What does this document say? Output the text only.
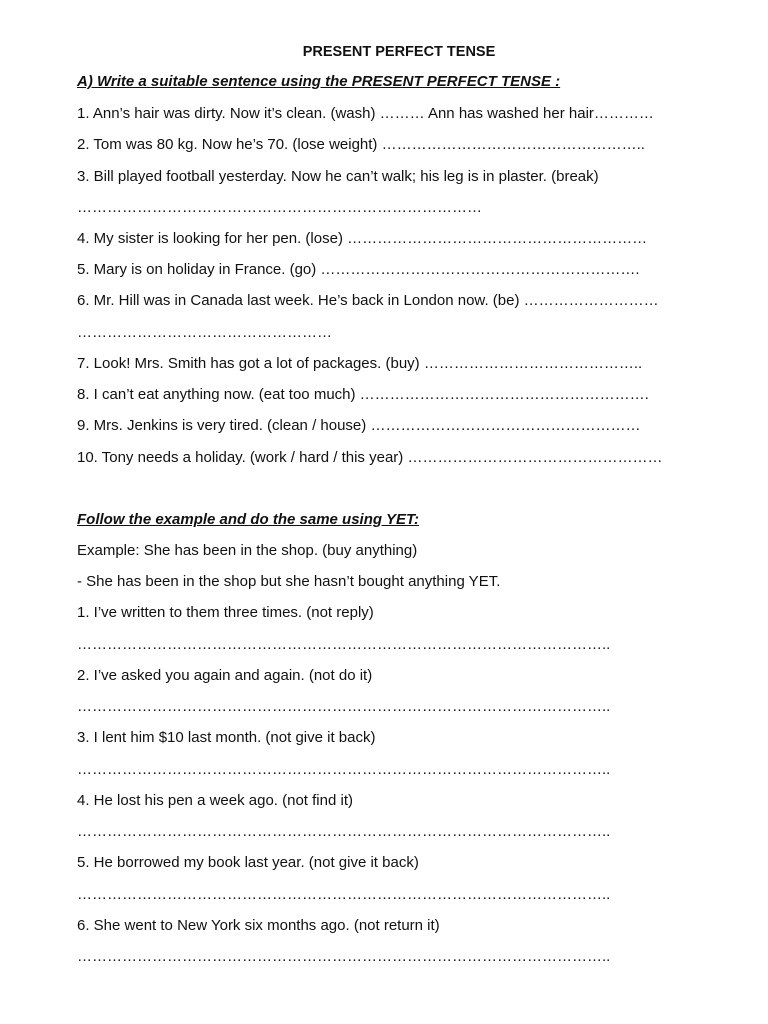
PRESENT PERFECT TENSE

A) Write a suitable sentence using the PRESENT PERFECT TENSE :

1. Ann’s hair was dirty. Now it’s clean. (wash) ……… Ann has washed her hair…………

2. Tom was 80 kg. Now he’s 70. (lose weight) ……………………………………………..

3. Bill played football yesterday. Now he can’t walk; his leg is in plaster. (break)

………………………………………………………………………

4. My sister is looking for her pen. (lose) ……………………………………………………

5. Mary is on holiday in France. (go) ……………………………………………………….

6. Mr. Hill was in Canada last week. He’s back in London now. (be) ………………………

……………………………………………

7. Look! Mrs. Smith has got a lot of packages. (buy) ……………………………………..

8. I can’t eat anything now. (eat too much) ………………………………………………….

9. Mrs. Jenkins is very tired. (clean / house) ………………………………………………

10. Tony needs a holiday. (work / hard / this year) ……………………………………………

Follow the example and do the same using YET:

Example: She has been in the shop. (buy anything)

- She has been in the shop but she hasn’t bought anything YET.

1. I’ve written to them three times. (not reply)

……………………………………………………………………………………………..

2. I’ve asked you again and again. (not do it)

……………………………………………………………………………………………..

3. I lent him $10 last month. (not give it back)

……………………………………………………………………………………………..

4. He lost his pen a week ago. (not find it)

……………………………………………………………………………………………..

5. He borrowed my book last year. (not give it back)

……………………………………………………………………………………………..

6. She went to New York six months ago. (not return it)

……………………………………………………………………………………………..
